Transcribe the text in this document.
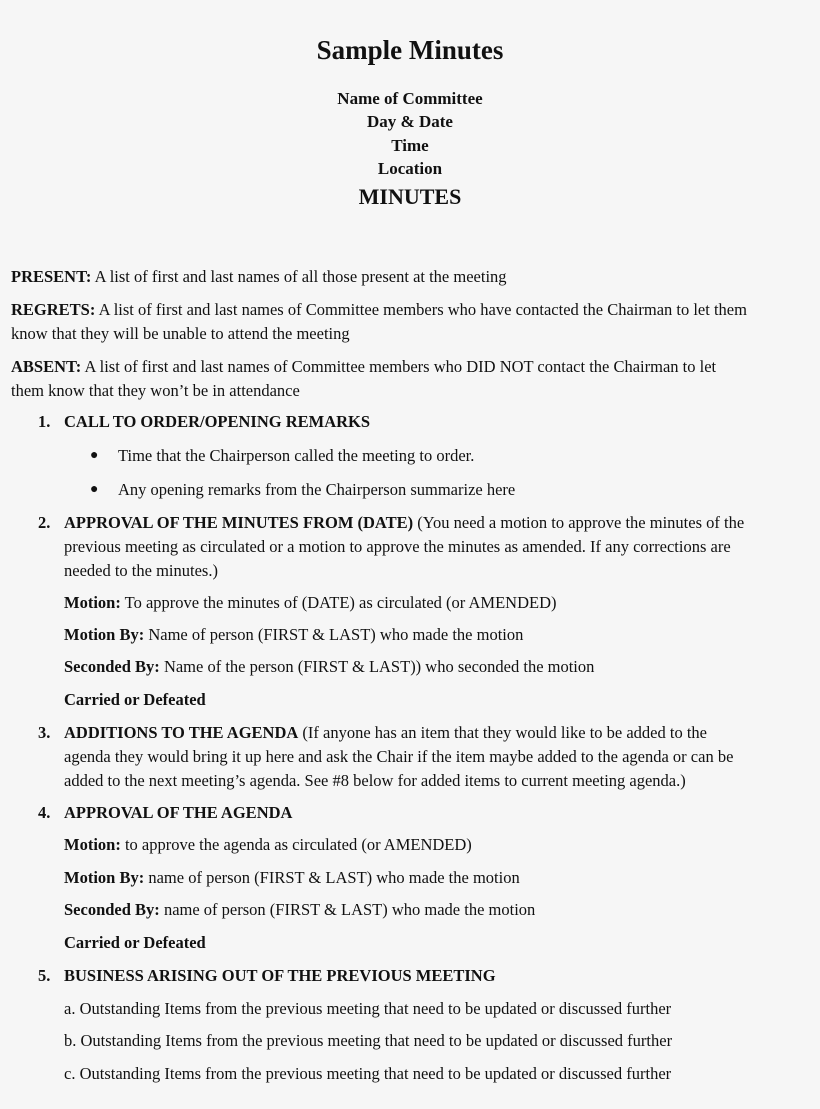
Sample Minutes
Name of Committee
Day & Date
Time
Location
MINUTES
PRESENT: A list of first and last names of all those present at the meeting
REGRETS: A list of first and last names of Committee members who have contacted the Chairman to let them
know that they will be unable to attend the meeting
ABSENT: A list of first and last names of Committee members who DID NOT contact the Chairman to let
them know that they won’t be in attendance
1. CALL TO ORDER/OPENING REMARKS
● Time that the Chairperson called the meeting to order.
● Any opening remarks from the Chairperson summarize here
2. APPROVAL OF THE MINUTES FROM (DATE) (You need a motion to approve the minutes of the
previous meeting as circulated or a motion to approve the minutes as amended. If any corrections are
needed to the minutes.)
Motion: To approve the minutes of (DATE) as circulated (or AMENDED)
Motion By: Name of person (FIRST & LAST) who made the motion
Seconded By: Name of the person (FIRST & LAST)) who seconded the motion
Carried or Defeated
3. ADDITIONS TO THE AGENDA (If anyone has an item that they would like to be added to the
agenda they would bring it up here and ask the Chair if the item maybe added to the agenda or can be
added to the next meeting’s agenda. See #8 below for added items to current meeting agenda.)
4. APPROVAL OF THE AGENDA
Motion: to approve the agenda as circulated (or AMENDED)
Motion By: name of person (FIRST & LAST) who made the motion
Seconded By: name of person (FIRST & LAST) who made the motion
Carried or Defeated
5. BUSINESS ARISING OUT OF THE PREVIOUS MEETING
a. Outstanding Items from the previous meeting that need to be updated or discussed further
b. Outstanding Items from the previous meeting that need to be updated or discussed further
c. Outstanding Items from the previous meeting that need to be updated or discussed further
